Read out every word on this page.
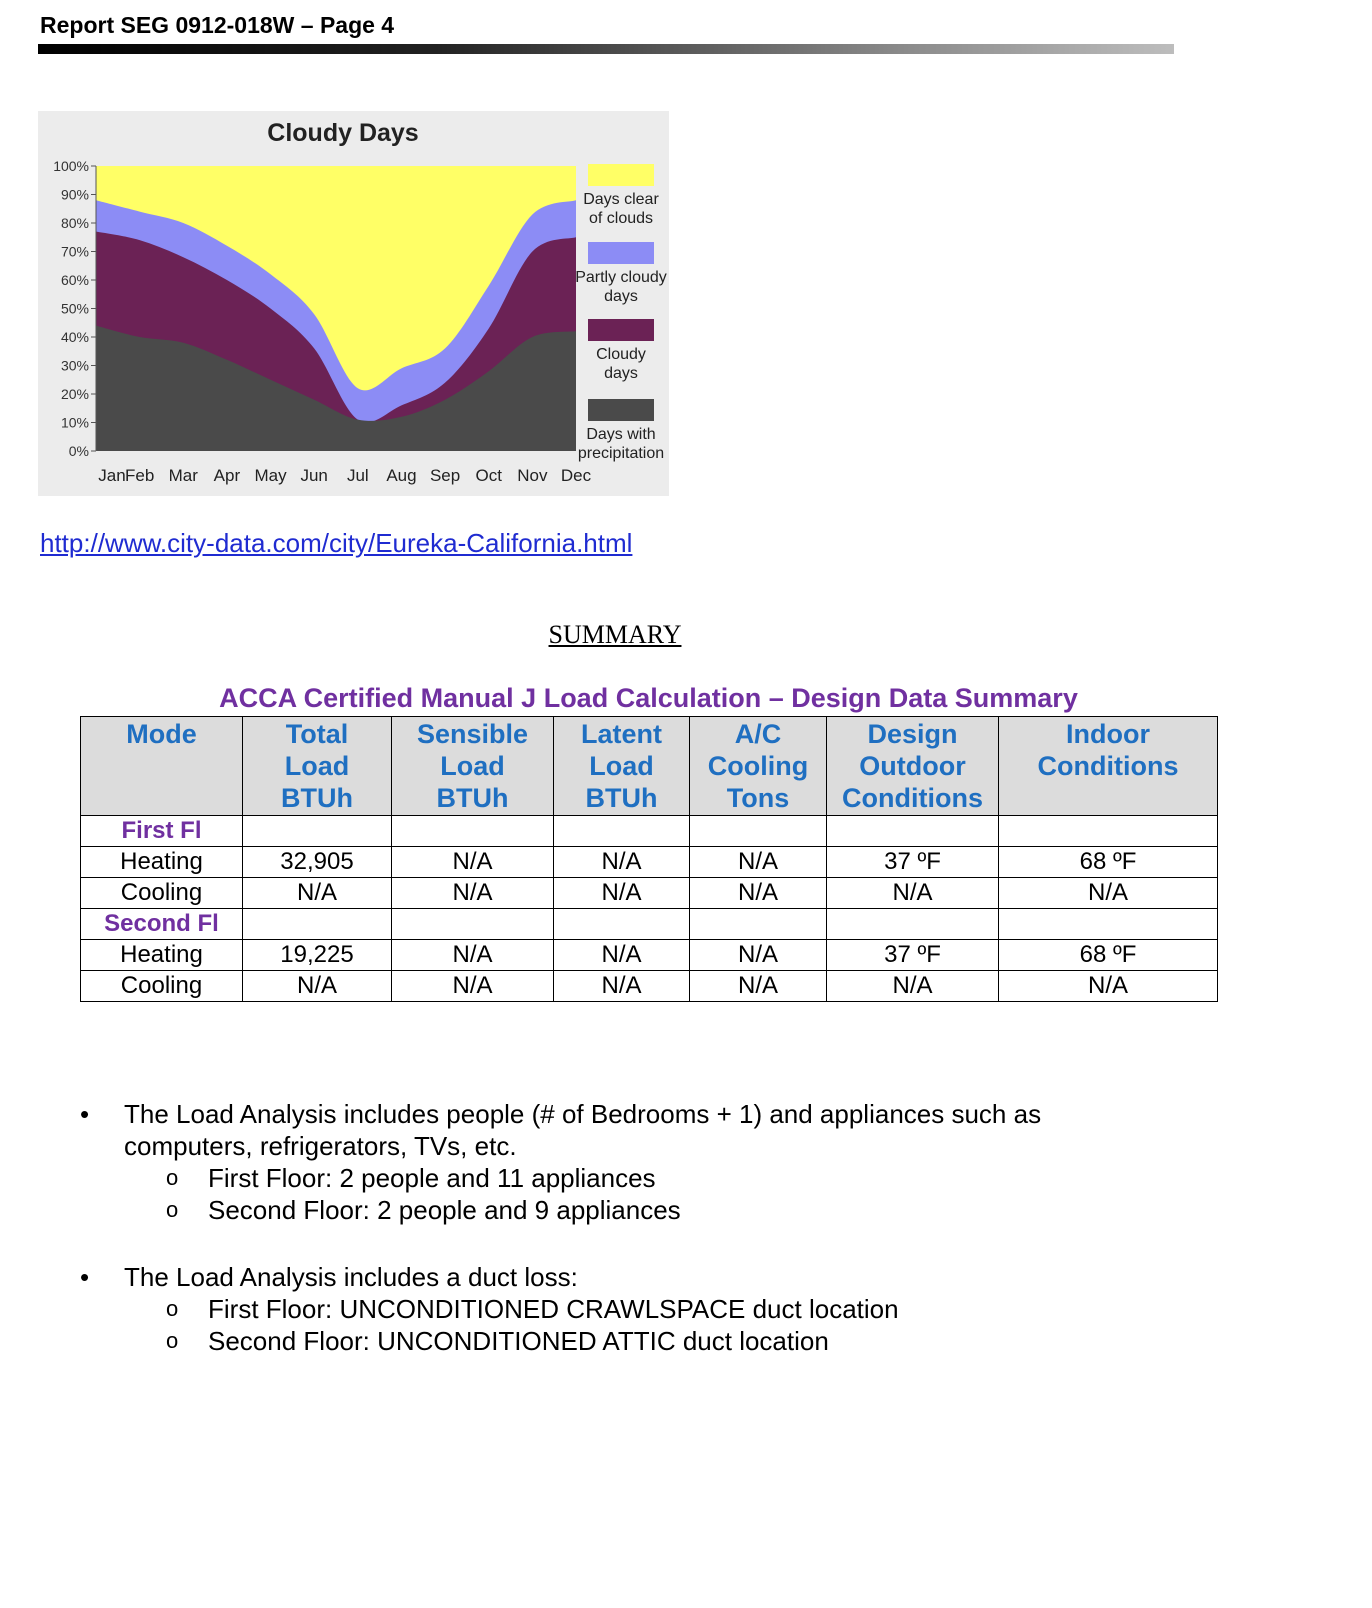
Report SEG 0912-018W – Page 4
0%
10%
20%
30%
40%
50%
60%
70%
80%
90%
100%
Jan Feb Mar Apr May Jun Jul Aug Sep Oct Nov Dec
Cloudy Days
Days clear
of clouds
Partly cloudy
days
Cloudy
days
Days with
precipitation
http://www.city-data.com/city/Eureka-California.html
SUMMARY
ACCA Certified Manual J Load Calculation – Design Data Summary
Mode	Total
Load
BTUh	Sensible
Load
BTUh	Latent
Load
BTUh	A/C
Cooling
Tons	Design
Outdoor
Conditions	Indoor
Conditions
First Fl						
Heating	32,905	N/A	N/A	N/A	37 ºF	68 ºF
Cooling	N/A	N/A	N/A	N/A	N/A	N/A
Second Fl						
Heating	19,225	N/A	N/A	N/A	37 ºF	68 ºF
Cooling	N/A	N/A	N/A	N/A	N/A	N/A
• The Load Analysis includes people (# of Bedrooms + 1) and appliances such as
computers, refrigerators, TVs, etc.
o First Floor: 2 people and 11 appliances
o Second Floor: 2 people and 9 appliances
• The Load Analysis includes a duct loss:
o First Floor: UNCONDITIONED CRAWLSPACE duct location
o Second Floor: UNCONDITIONED ATTIC duct location
